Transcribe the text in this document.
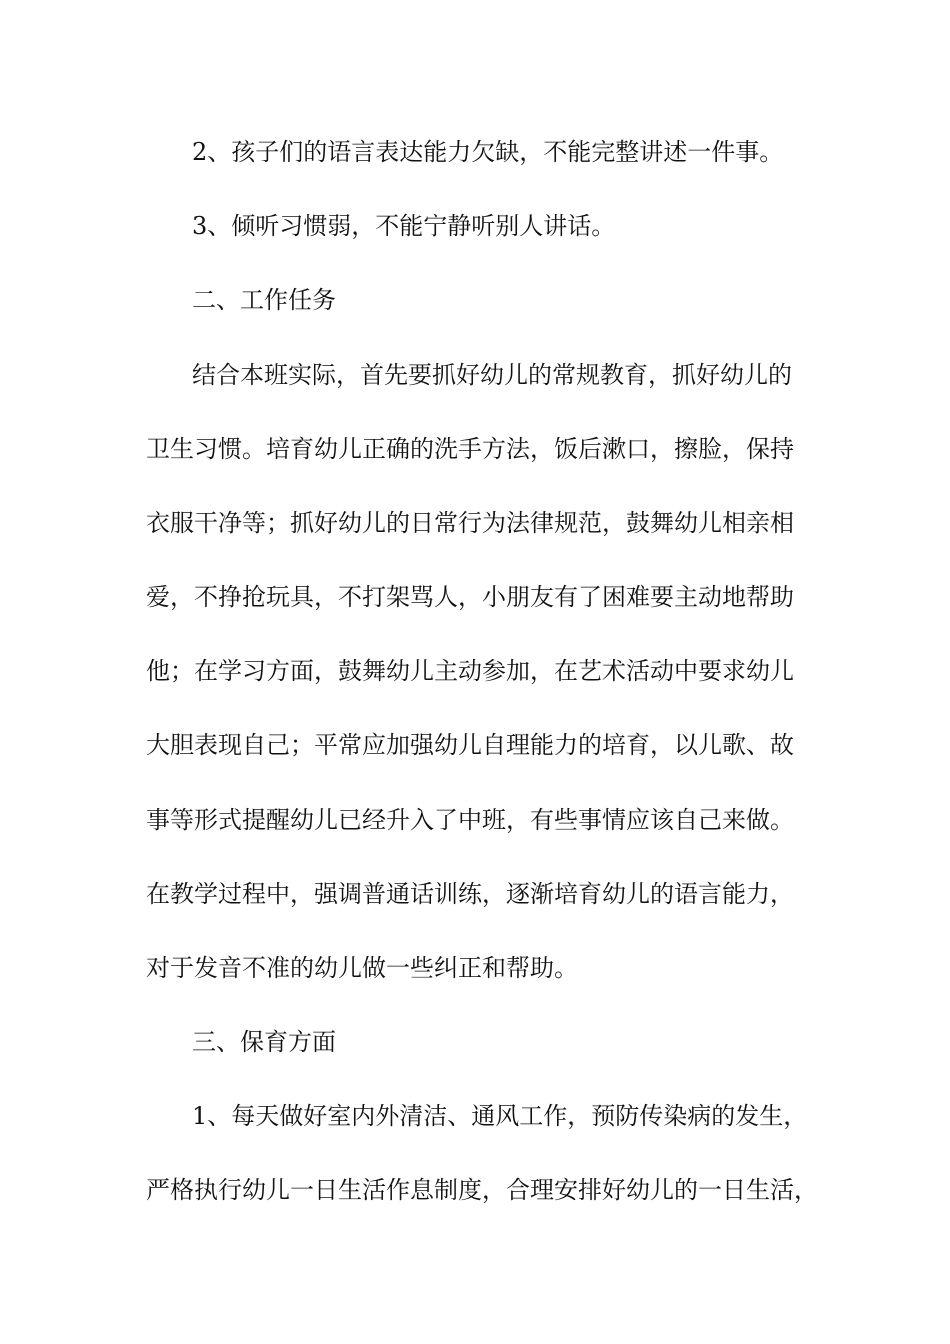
2、孩子们的语言表达能力欠缺，不能完整讲述一件事。
3、倾听习惯弱，不能宁静听别人讲话。
二、工作任务
结合本班实际，首先要抓好幼儿的常规教育，抓好幼儿的
卫生习惯。培育幼儿正确的洗手方法，饭后漱口，擦脸，保持
衣服干净等；抓好幼儿的日常行为法律规范，鼓舞幼儿相亲相
爱，不挣抢玩具，不打架骂人，小朋友有了困难要主动地帮助
他；在学习方面，鼓舞幼儿主动参加，在艺术活动中要求幼儿
大胆表现自己；平常应加强幼儿自理能力的培育，以儿歌、故
事等形式提醒幼儿已经升入了中班，有些事情应该自己来做。
在教学过程中，强调普通话训练，逐渐培育幼儿的语言能力，
对于发音不准的幼儿做一些纠正和帮助。
三、保育方面
1、每天做好室内外清洁、通风工作，预防传染病的发生，
严格执行幼儿一日生活作息制度，合理安排好幼儿的一日生活，
